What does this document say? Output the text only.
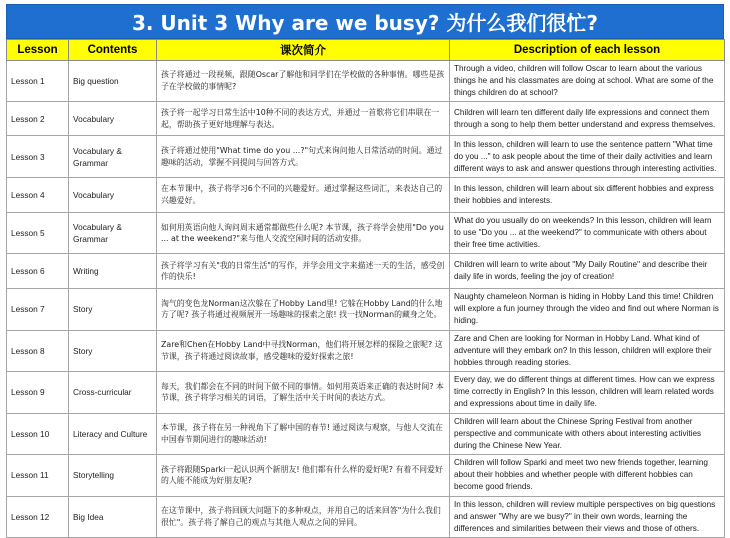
3. Unit 3 Why are we busy? 为什么我们很忙?
Lesson	Contents	课次简介	Description of each lesson
Lesson 1	Big question	孩子将通过一段视频，跟随Oscar了解他和同学们在学校做的各种事情。哪些是孩子在学校做的事情呢?	Through a video, children will follow Oscar to learn about the various things he and his classmates are doing at school. What are some of the things children do at school?
Lesson 2	Vocabulary	孩子将一起学习日常生活中10种不同的表达方式，并通过一首歌将它们串联在一起，帮助孩子更好地理解与表达。	Children will learn ten different daily life expressions and connect them through a song to help them better understand and express themselves.
Lesson 3	Vocabulary & Grammar	孩子将通过使用"What time do you ...?"句式来询问他人日常活动的时间。通过趣味的活动，掌握不同提问与回答方式。	In this lesson, children will learn to use the sentence pattern "What time do you ..." to ask people about the time of their daily activities and learn different ways to ask and answer questions through interesting activities.
Lesson 4	Vocabulary	在本节课中，孩子将学习6个不同的兴趣爱好。通过掌握这些词汇，来表达自己的兴趣爱好。	In this lesson, children will learn about six different hobbies and express their hobbies and interests.
Lesson 5	Vocabulary & Grammar	如何用英语向他人询问周末通常都做些什么呢? 本节课，孩子将学会使用"Do you ... at the weekend?"来与他人交流空闲时间的活动安排。	What do you usually do on weekends? In this lesson, children will learn to use "Do you ... at the weekend?" to communicate with others about their free time activities.
Lesson 6	Writing	孩子将学习有关"我的日常生活"的写作，并学会用文字来描述一天的生活，感受创作的快乐!	Children will learn to write about "My Daily Routine" and describe their daily life in words, feeling the joy of creation!
Lesson 7	Story	淘气的变色龙Norman这次躲在了Hobby Land里! 它躲在Hobby Land的什么地方了呢? 孩子将通过视频展开一场趣味的探索之旅! 找一找Norman的藏身之处。	Naughty chameleon Norman is hiding in Hobby Land this time! Children will explore a fun journey through the video and find out where Norman is hiding.
Lesson 8	Story	Zare和Chen在Hobby Land中寻找Norman，他们将开展怎样的探险之旅呢? 这节课，孩子将通过阅读故事，感受趣味的爱好探索之旅!	Zare and Chen are looking for Norman in Hobby Land. What kind of adventure will they embark on? In this lesson, children will explore their hobbies through reading stories.
Lesson 9	Cross-curricular	每天，我们都会在不同的时间下做不同的事情。如何用英语来正确的表达时间? 本节课，孩子将学习相关的词语，了解生活中关于时间的表达方式。	Every day, we do different things at different times. How can we express time correctly in English? In this lesson, children will learn related words and expressions about time in daily life.
Lesson 10	Literacy and Culture	本节课，孩子将在另一种视角下了解中国的春节! 通过阅读与观察，与他人交流在中国春节期间进行的趣味活动!	Children will learn about the Chinese Spring Festival from another perspective and communicate with others about interesting activities during the Chinese New Year.
Lesson 11	Storytelling	孩子将跟随Sparki一起认识两个新朋友! 他们都有什么样的爱好呢? 有着不同爱好的人能不能成为好朋友呢?	Children will follow Sparki and meet two new friends together, learning about their hobbies and whether people with different hobbies can become good friends.
Lesson 12	Big Idea	在这节课中，孩子将回顾大问题下的多种观点，并用自己的话来回答"为什么我们很忙"。孩子将了解自己的观点与其他人观点之间的异同。	In this lesson, children will review multiple perspectives on big questions and answer "Why are we busy?" in their own words, learning the differences and similarities between their views and those of others.
